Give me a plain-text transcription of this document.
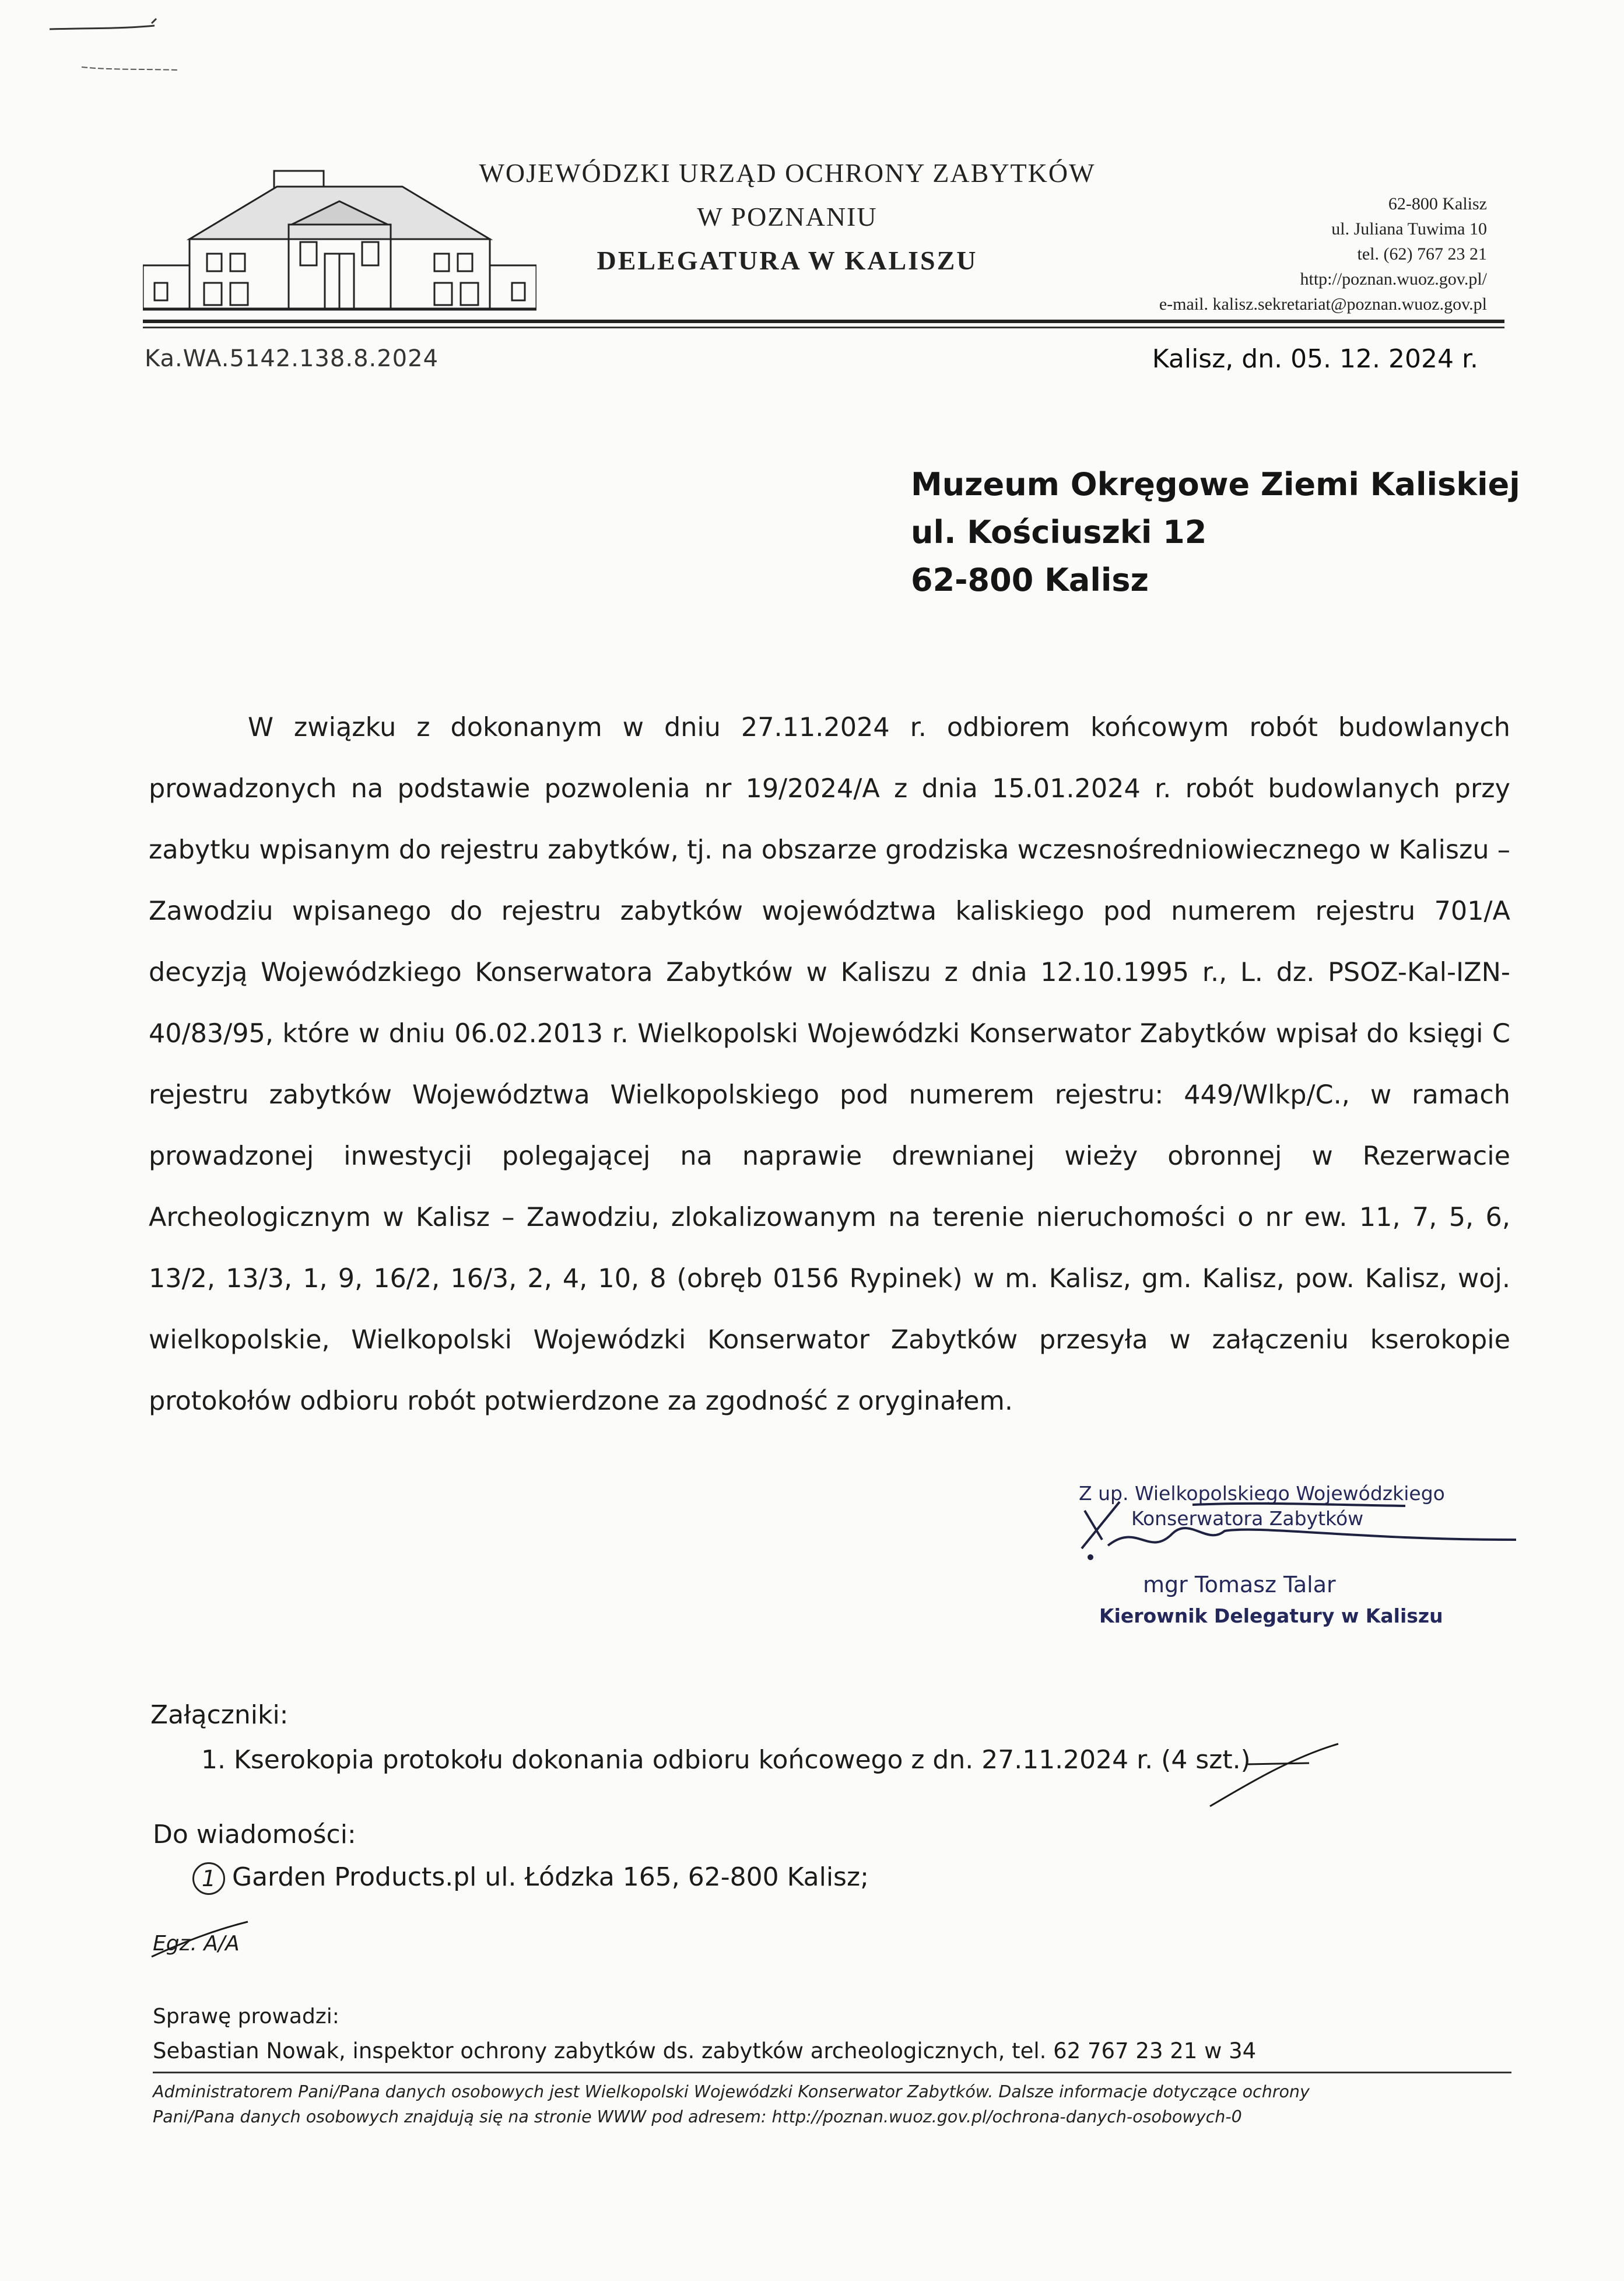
WOJEWÓDZKI URZĄD OCHRONY ZABYTKÓW
W POZNANIU
DELEGATURA W KALISZU
62-800 Kalisz
ul. Juliana Tuwima 10
tel. (62) 767 23 21
http://poznan.wuoz.gov.pl/
e-mail. kalisz.sekretariat@poznan.wuoz.gov.pl
Ka.WA.5142.138.8.2024	Kalisz, dn. 05. 12. 2024 r.
Muzeum Okręgowe Ziemi Kaliskiej
ul. Kościuszki 12
62-800 Kalisz

W związku z dokonanym w dniu 27.11.2024 r. odbiorem końcowym robót budowlanych prowadzonych na podstawie pozwolenia nr 19/2024/A z dnia 15.01.2024 r. robót budowlanych przy zabytku wpisanym do rejestru zabytków, tj. na obszarze grodziska wczesnośredniowiecznego w Kaliszu – Zawodziu wpisanego do rejestru zabytków województwa kaliskiego pod numerem rejestru 701/A decyzją Wojewódzkiego Konserwatora Zabytków w Kaliszu z dnia 12.10.1995 r., L. dz. PSOZ-Kal-IZN-40/83/95, które w dniu 06.02.2013 r. Wielkopolski Wojewódzki Konserwator Zabytków wpisał do księgi C rejestru zabytków Województwa Wielkopolskiego pod numerem rejestru: 449/Wlkp/C., w ramach prowadzonej inwestycji polegającej na naprawie drewnianej wieży obronnej w Rezerwacie Archeologicznym w Kalisz – Zawodziu, zlokalizowanym na terenie nieruchomości o nr ew. 11, 7, 5, 6, 13/2, 13/3, 1, 9, 16/2, 16/3, 2, 4, 10, 8 (obręb 0156 Rypinek) w m. Kalisz, gm. Kalisz, pow. Kalisz, woj. wielkopolskie, Wielkopolski Wojewódzki Konserwator Zabytków przesyła w załączeniu kserokopie protokołów odbioru robót potwierdzone za zgodność z oryginałem.

Z up. Wielkopolskiego Wojewódzkiego
Konserwatora Zabytków
mgr Tomasz Talar
Kierownik Delegatury w Kaliszu
Załączniki:
1. Kserokopia protokołu dokonania odbioru końcowego z dn. 27.11.2024 r. (4 szt.)
Do wiadomości:
1 Garden Products.pl ul. Łódzka 165, 62-800 Kalisz;
Egz. A/A
Sprawę prowadzi:
Sebastian Nowak, inspektor ochrony zabytków ds. zabytków archeologicznych, tel. 62 767 23 21 w 34
Administratorem Pani/Pana danych osobowych jest Wielkopolski Wojewódzki Konserwator Zabytków. Dalsze informacje dotyczące ochrony
Pani/Pana danych osobowych znajdują się na stronie WWW pod adresem: http://poznan.wuoz.gov.pl/ochrona-danych-osobowych-0
